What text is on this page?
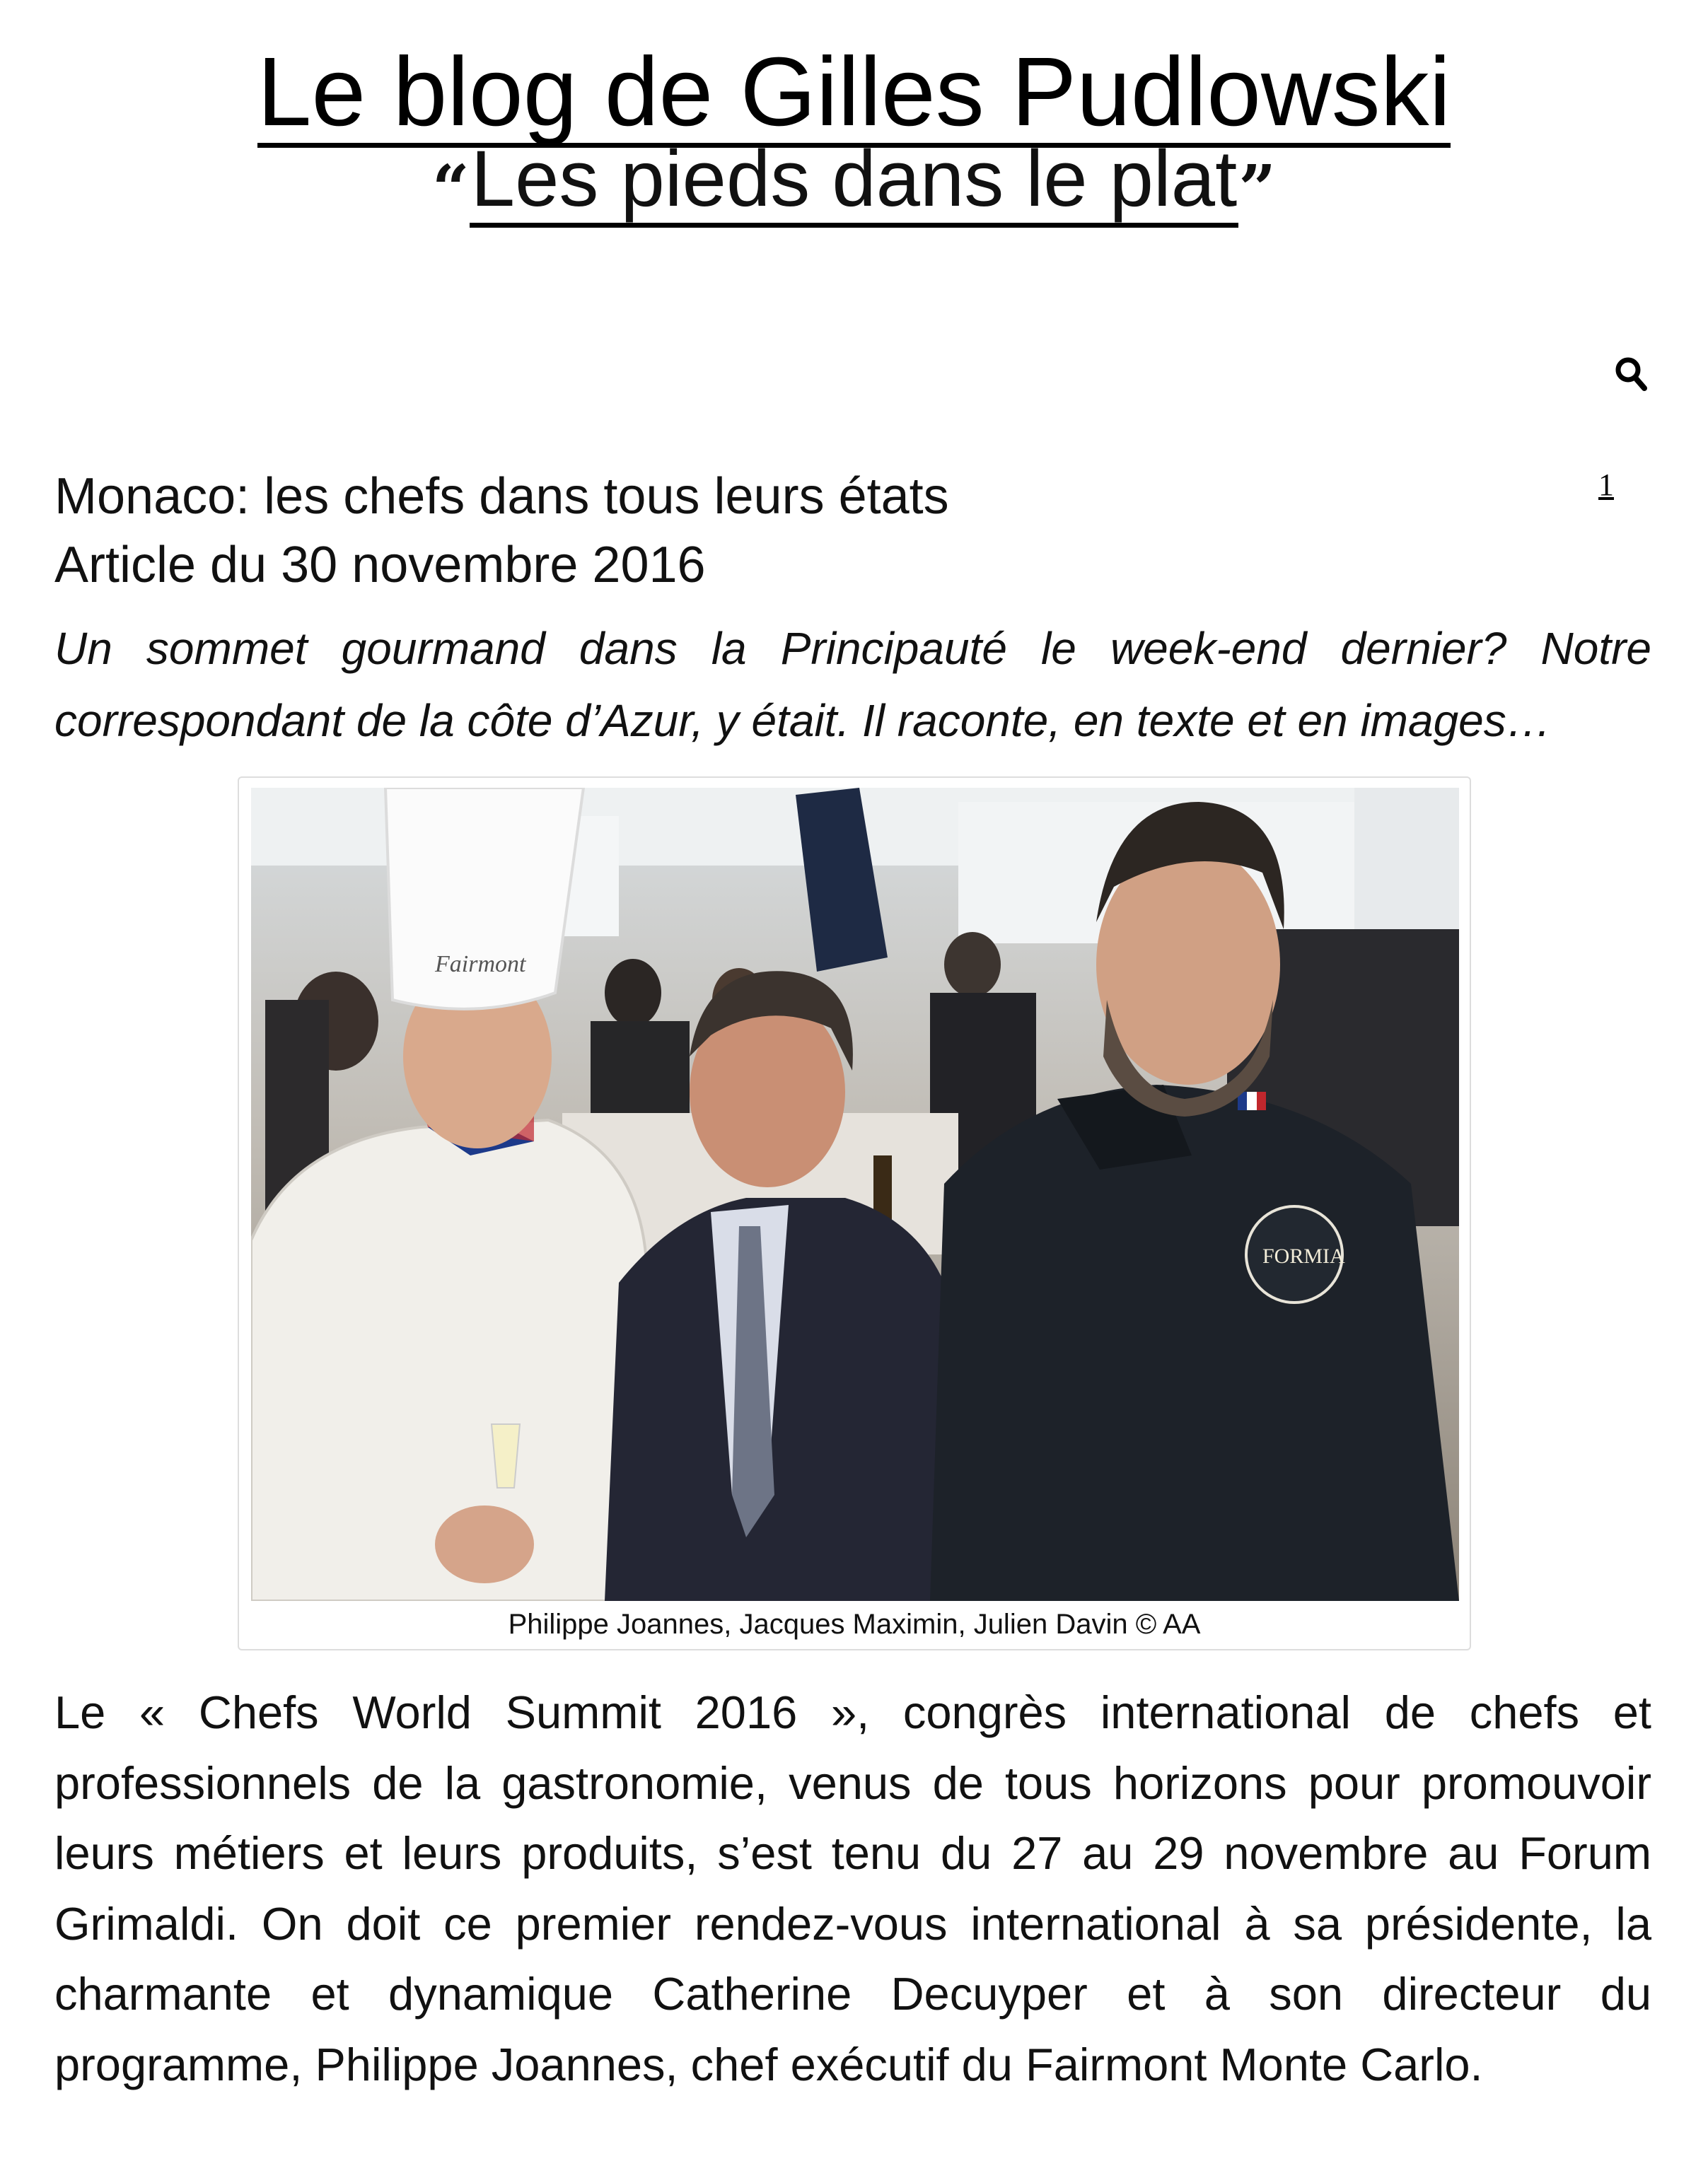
Le blog de Gilles Pudlowski
“Les pieds dans le plat”
Monaco: les chefs dans tous leurs états	1
Article du 30 novembre 2016

Un sommet gourmand dans la Principauté le week-end dernier? Notre correspondant de la côte d’Azur, y était. Il raconte, en texte et en images…

Fairmont
FORMIA
Philippe Joannes, Jacques Maximin, Julien Davin © AA

Le « Chefs World Summit 2016 », congrès international de chefs et professionnels de la gastronomie, venus de tous horizons pour promouvoir leurs métiers et leurs produits, s’est tenu du 27 au 29 novembre au Forum Grimaldi. On doit ce premier rendez-vous international à sa présidente, la charmante et dynamique Catherine Decuyper et à son directeur du programme, Philippe Joannes, chef exécutif du Fairmont Monte Carlo.
